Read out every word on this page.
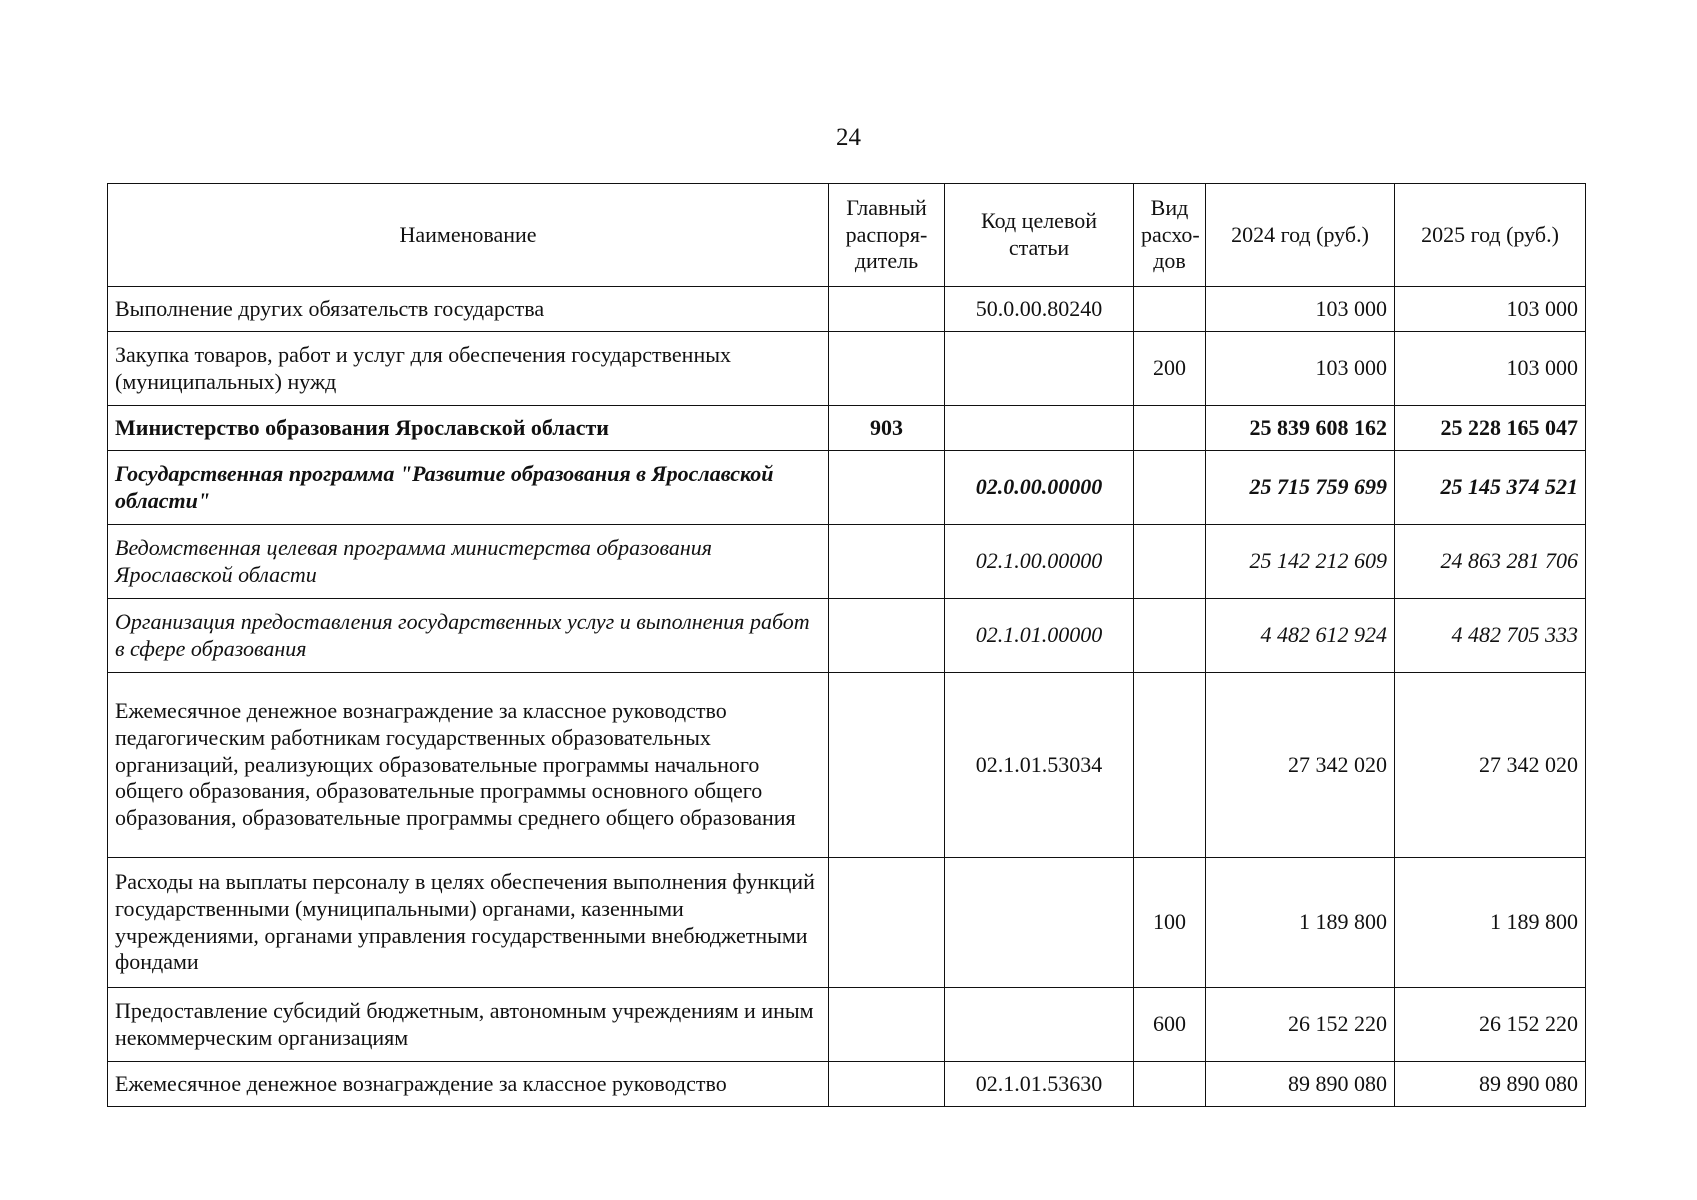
24
Наименование	Главный распоря-дитель	Код целевой статьи	Вид расхо-дов	2024 год (руб.)	2025 год (руб.)
Выполнение других обязательств государства		50.0.00.80240		103 000	103 000
Закупка товаров, работ и услуг для обеспечения государственных (муниципальных) нужд			200	103 000	103 000
Министерство образования Ярославской области	903			25 839 608 162	25 228 165 047
Государственная программа "Развитие образования в Ярославской области"		02.0.00.00000		25 715 759 699	25 145 374 521
Ведомственная целевая программа министерства образования Ярославской области		02.1.00.00000		25 142 212 609	24 863 281 706
Организация предоставления государственных услуг и выполнения работ в сфере образования		02.1.01.00000		4 482 612 924	4 482 705 333
Ежемесячное денежное вознаграждение за классное руководство педагогическим работникам государственных образовательных организаций, реализующих образовательные программы начального общего образования, образовательные программы основного общего образования, образовательные программы среднего общего образования		02.1.01.53034		27 342 020	27 342 020
Расходы на выплаты персоналу в целях обеспечения выполнения функций государственными (муниципальными) органами, казенными учреждениями, органами управления государственными внебюджетными фондами			100	1 189 800	1 189 800
Предоставление субсидий бюджетным, автономным учреждениям и иным некоммерческим организациям			600	26 152 220	26 152 220
Ежемесячное денежное вознаграждение за классное руководство		02.1.01.53630		89 890 080	89 890 080
